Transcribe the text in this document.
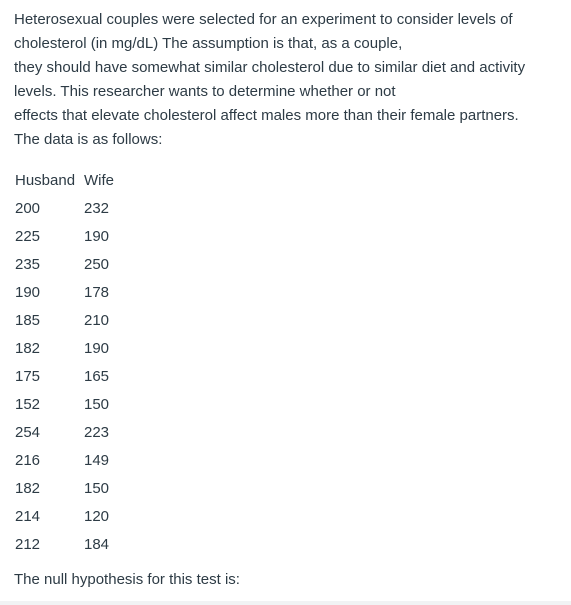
Heterosexual couples were selected for an experiment to consider levels of
cholesterol (in mg/dL) The assumption is that, as a couple,
they should have somewhat similar cholesterol due to similar diet and activity
levels. This researcher wants to determine whether or not
effects that elevate cholesterol affect males more than their female partners.
The data is as follows:
Husband	Wife
200	232
225	190
235	250
190	178
185	210
182	190
175	165
152	150
254	223
216	149
182	150
214	120
212	184
The null hypothesis for this test is:
